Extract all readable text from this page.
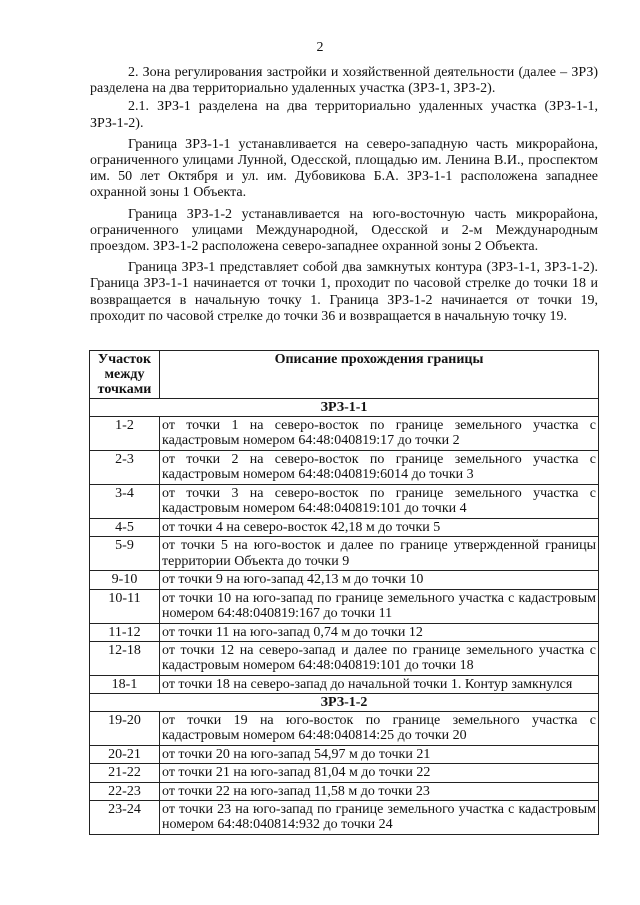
2

2. Зона регулирования застройки и хозяйственной деятельности (далее – ЗРЗ) разделена на два территориально удаленных участка (ЗРЗ-1, ЗРЗ-2).

2.1. ЗРЗ-1 разделена на два территориально удаленных участка (ЗРЗ-1-1, ЗРЗ-1-2).

Граница ЗРЗ-1-1 устанавливается на северо-западную часть микрорайона, ограниченного улицами Лунной, Одесской, площадью им. Ленина В.И., проспектом им. 50 лет Октября и ул. им. Дубовикова Б.А. ЗРЗ-1-1 расположена западнее охранной зоны 1 Объекта.

Граница ЗРЗ-1-2 устанавливается на юго-восточную часть микрорайона, ограниченного улицами Международной, Одесской и 2-м Международным проездом. ЗРЗ-1-2 расположена северо-западнее охранной зоны 2 Объекта.

Граница ЗРЗ-1 представляет собой два замкнутых контура (ЗРЗ-1-1, ЗРЗ-1-2). Граница ЗРЗ-1-1 начинается от точки 1, проходит по часовой стрелке до точки 18 и возвращается в начальную точку 1. Граница ЗРЗ-1-2 начинается от точки 19, проходит по часовой стрелке до точки 36 и возвращается в начальную точку 19.

Участок между точками	Описание прохождения границы
ЗРЗ-1-1	
1-2	от точки 1 на северо-восток по границе земельного участка с кадастровым номером 64:48:040819:17 до точки 2
2-3	от точки 2 на северо-восток по границе земельного участка с кадастровым номером 64:48:040819:6014 до точки 3
3-4	от точки 3 на северо-восток по границе земельного участка с кадастровым номером 64:48:040819:101 до точки 4
4-5	от точки 4 на северо-восток 42,18 м до точки 5
5-9	от точки 5 на юго-восток и далее по границе утвержденной границы территории Объекта до точки 9
9-10	от точки 9 на юго-запад 42,13 м до точки 10
10-11	от точки 10 на юго-запад по границе земельного участка с кадастровым номером 64:48:040819:167 до точки 11
11-12	от точки 11 на юго-запад 0,74 м до точки 12
12-18	от точки 12 на северо-запад и далее по границе земельного участка с кадастровым номером 64:48:040819:101 до точки 18
18-1	от точки 18 на северо-запад до начальной точки 1. Контур замкнулся
ЗРЗ-1-2	
19-20	от точки 19 на юго-восток по границе земельного участка с кадастровым номером 64:48:040814:25 до точки 20
20-21	от точки 20 на юго-запад 54,97 м до точки 21
21-22	от точки 21 на юго-запад 81,04 м до точки 22
22-23	от точки 22 на юго-запад 11,58 м до точки 23
23-24	от точки 23 на юго-запад по границе земельного участка с кадастровым номером 64:48:040814:932 до точки 24
